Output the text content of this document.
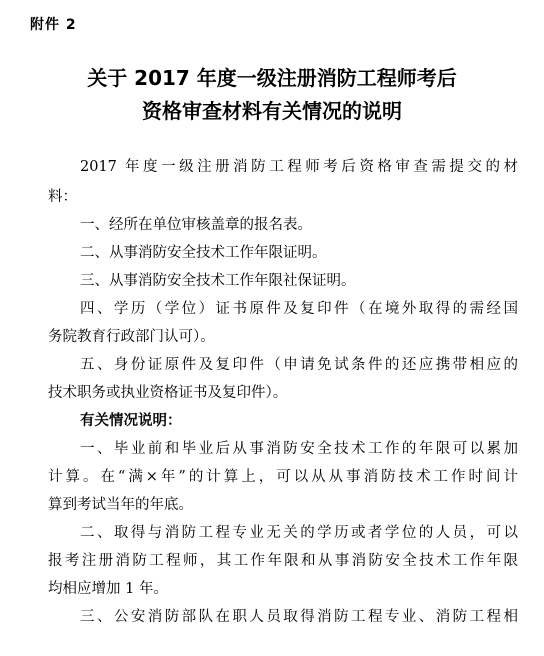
附件 2
关于 2017 年度一级注册消防工程师考后
资格审查材料有关情况的说明
2017 年度一级注册消防工程师考后资格审查需提交的材
料：
一、经所在单位审核盖章的报名表。
二、从事消防安全技术工作年限证明。
三、从事消防安全技术工作年限社保证明。
四、学历（学位）证书原件及复印件（在境外取得的需经国
务院教育行政部门认可）。
五、身份证原件及复印件（申请免试条件的还应携带相应的
技术职务或执业资格证书及复印件）。
有关情况说明：
一、毕业前和毕业后从事消防安全技术工作的年限可以累加
计算。在“满×年”的计算上，可以从从事消防技术工作时间计
算到考试当年的年底。
二、取得与消防工程专业无关的学历或者学位的人员，可以
报考注册消防工程师，其工作年限和从事消防安全技术工作年限
均相应增加 1 年。
三、公安消防部队在职人员取得消防工程专业、消防工程相
